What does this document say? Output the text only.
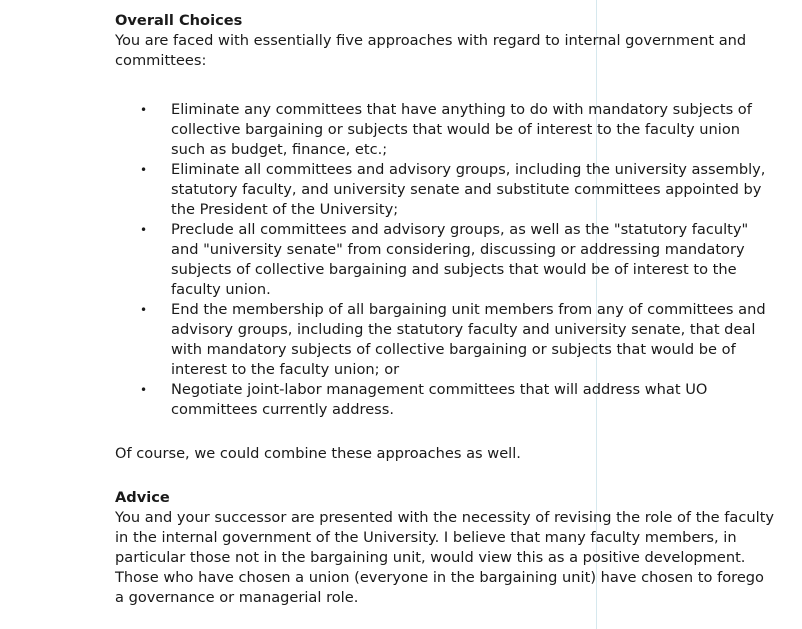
Overall Choices

You are faced with essentially five approaches with regard to internal government and committees:

• Eliminate any committees that have anything to do with mandatory subjects of collective bargaining or subjects that would be of interest to the faculty union such as budget, finance, etc.;
• Eliminate all committees and advisory groups, including the university assembly, statutory faculty, and university senate and substitute committees appointed by the President of the University;
• Preclude all committees and advisory groups, as well as the "statutory faculty" and "university senate" from considering, discussing or addressing mandatory subjects of collective bargaining and subjects that would be of interest to the faculty union.
• End the membership of all bargaining unit members from any of committees and advisory groups, including the statutory faculty and university senate, that deal with mandatory subjects of collective bargaining or subjects that would be of interest to the faculty union; or
• Negotiate joint-labor management committees that will address what UO committees currently address.

Of course, we could combine these approaches as well.

Advice

You and your successor are presented with the necessity of revising the role of the faculty in the internal government of the University. I believe that many faculty members, in particular those not in the bargaining unit, would view this as a positive development. Those who have chosen a union (everyone in the bargaining unit) have chosen to forego a governance or managerial role.
